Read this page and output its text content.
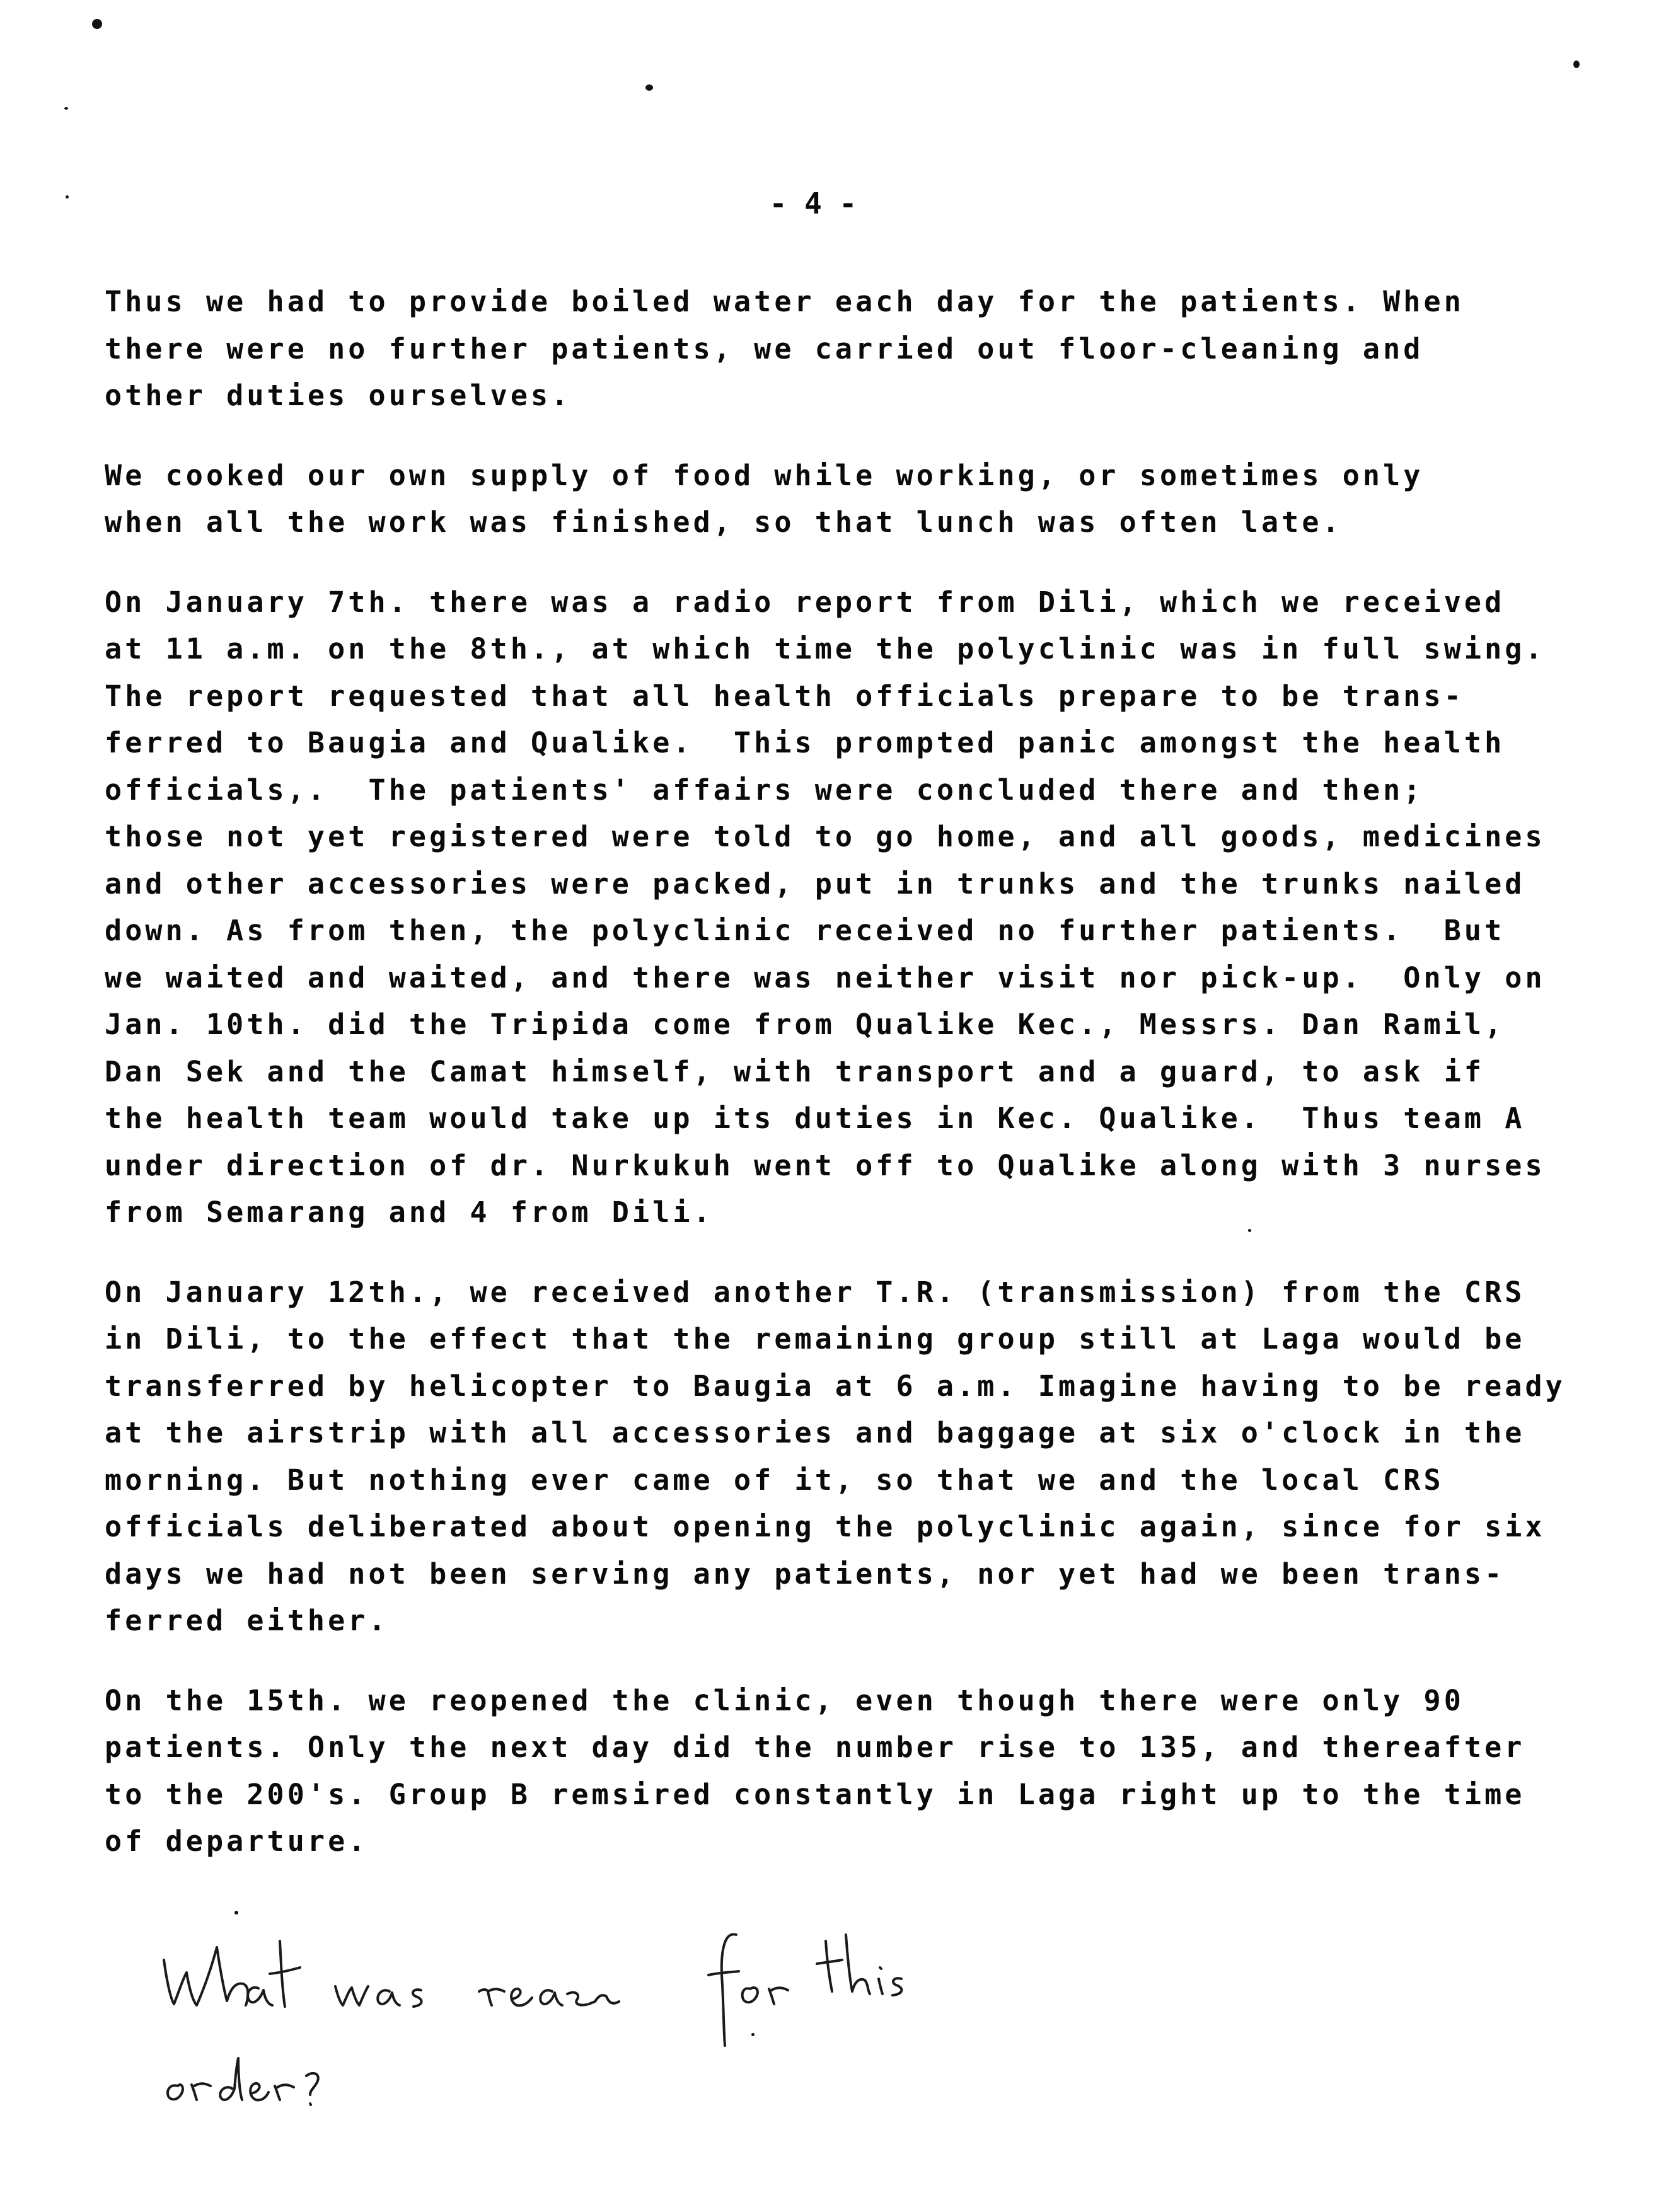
- 4 -
Thus we had to provide boiled water each day for the patients. When
there were no further patients, we carried out floor-cleaning and
other duties ourselves.
We cooked our own supply of food while working, or sometimes only
when all the work was finished, so that lunch was often late.
On January 7th. there was a radio report from Dili, which we received
at 11 a.m. on the 8th., at which time the polyclinic was in full swing.
The report requested that all health officials prepare to be trans-
ferred to Baugia and Qualike.  This prompted panic amongst the health
officials,.  The patients' affairs were concluded there and then;
those not yet registered were told to go home, and all goods, medicines
and other accessories were packed, put in trunks and the trunks nailed
down. As from then, the polyclinic received no further patients.  But
we waited and waited, and there was neither visit nor pick-up.  Only on
Jan. 10th. did the Tripida come from Qualike Kec., Messrs. Dan Ramil,
Dan Sek and the Camat himself, with transport and a guard, to ask if
the health team would take up its duties in Kec. Qualike.  Thus team A
under direction of dr. Nurkukuh went off to Qualike along with 3 nurses
from Semarang and 4 from Dili.
On January 12th., we received another T.R. (transmission) from the CRS
in Dili, to the effect that the remaining group still at Laga would be
transferred by helicopter to Baugia at 6 a.m. Imagine having to be ready
at the airstrip with all accessories and baggage at six o'clock in the
morning. But nothing ever came of it, so that we and the local CRS
officials deliberated about opening the polyclinic again, since for six
days we had not been serving any patients, nor yet had we been trans-
ferred either.
On the 15th. we reopened the clinic, even though there were only 90
patients. Only the next day did the number rise to 135, and thereafter
to the 200's. Group B remsired constantly in Laga right up to the time
of departure.
